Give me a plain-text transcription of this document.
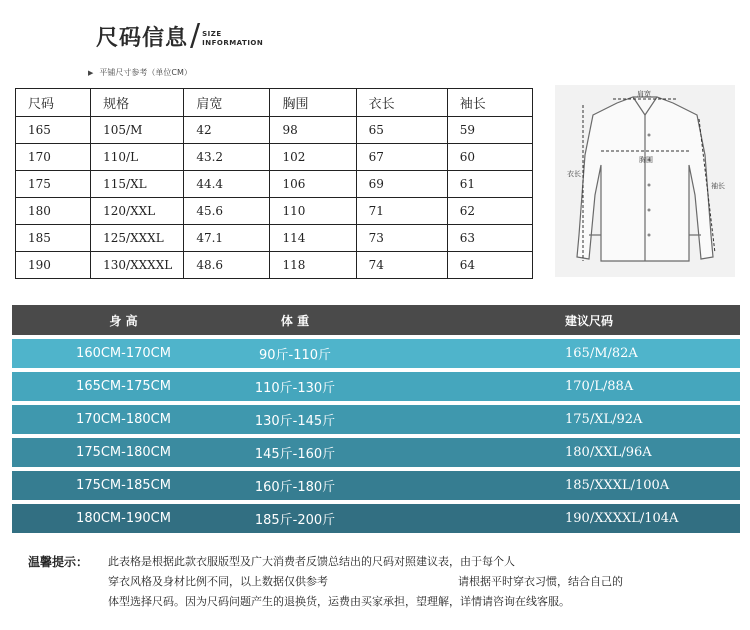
尺码信息 / SIZE
INFORMATION
▶ 平铺尺寸参考（单位CM）
尺码	规格	肩宽	胸围	衣长	袖长
165	105/M	42	98	65	59
170	110/L	43.2	102	67	60
175	115/XL	44.4	106	69	61
180	120/XXL	45.6	110	71	62
185	125/XXXL	47.1	114	73	63
190	130/XXXXL	48.6	118	74	64
肩宽
胸围
衣长
袖长
身 高	体 重	建议尺码
160CM-170CM	90斤-110斤	165/M/82A
165CM-175CM	110斤-130斤	170/L/88A
170CM-180CM	130斤-145斤	175/XL/92A
175CM-180CM	145斤-160斤	180/XXL/96A
175CM-185CM	160斤-180斤	185/XXXL/100A
180CM-190CM	185斤-200斤	190/XXXXL/104A
温馨提示： 此表格是根据此款衣服版型及广大消费者反馈总结出的尺码对照建议表，由于每个人
穿衣风格及身材比例不同，以上数据仅供参考	请根据平时穿衣习惯，结合自己的
体型选择尺码。因为尺码问题产生的退换货，运费由买家承担，望理解，详情请咨询在线客服。
